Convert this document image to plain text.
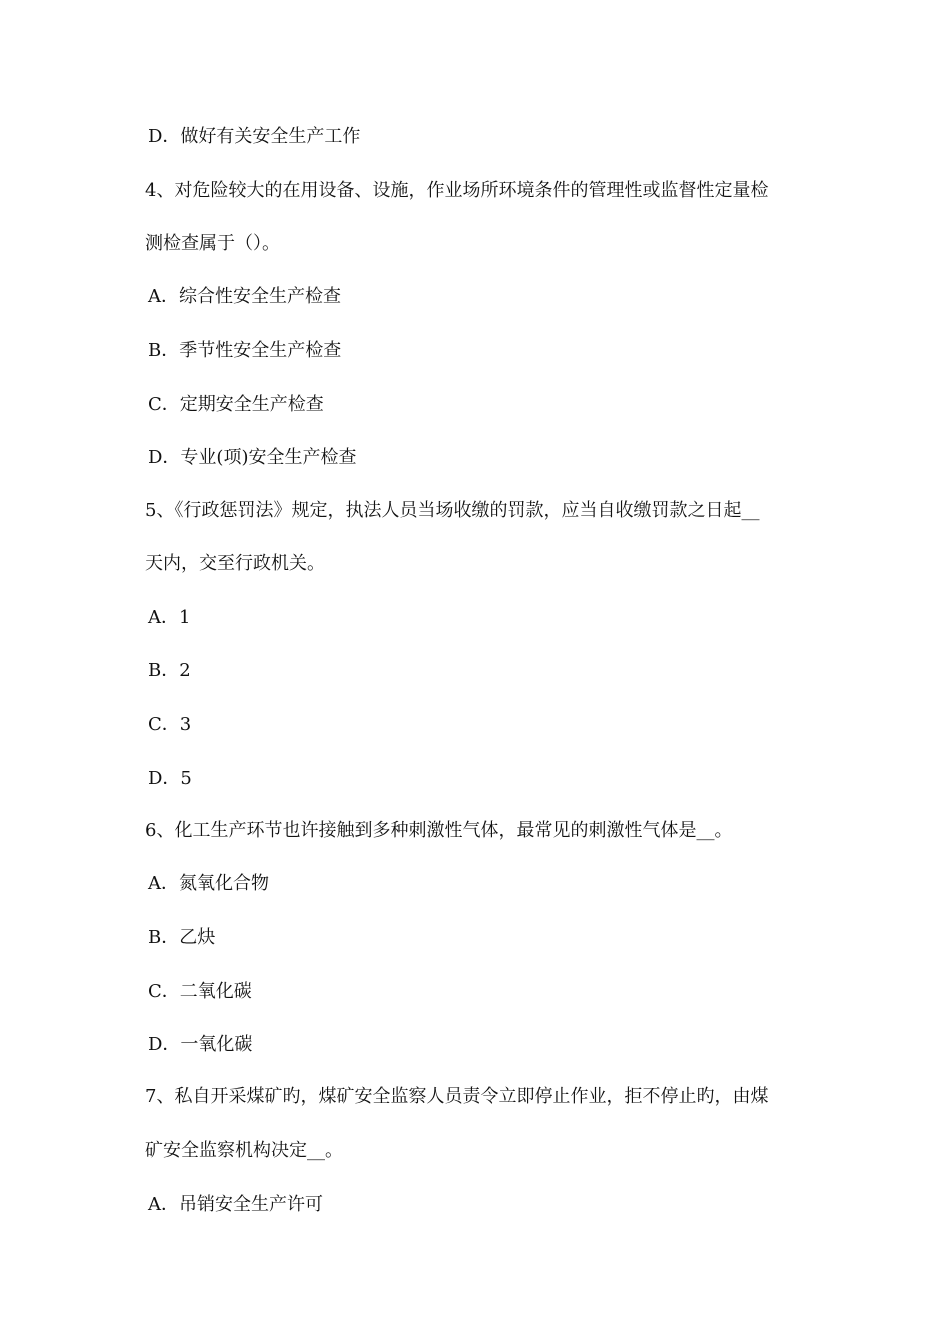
D．做好有关安全生产工作
4、对危险较大的在用设备、设施，作业场所环境条件的管理性或监督性定量检
测检查属于（）。
A．综合性安全生产检查
B．季节性安全生产检查
C．定期安全生产检查
D．专业(项)安全生产检查
5、《行政惩罚法》规定，执法人员当场收缴的罚款，应当自收缴罚款之日起__
天内，交至行政机关。
A．1
B．2
C．3
D．5
6、化工生产环节也许接触到多种刺激性气体，最常见的刺激性气体是__。
A．氮氧化合物
B．乙炔
C．二氧化碳
D．一氧化碳
7、私自开采煤矿旳，煤矿安全监察人员责令立即停止作业，拒不停止旳，由煤
矿安全监察机构决定__。
A．吊销安全生产许可
